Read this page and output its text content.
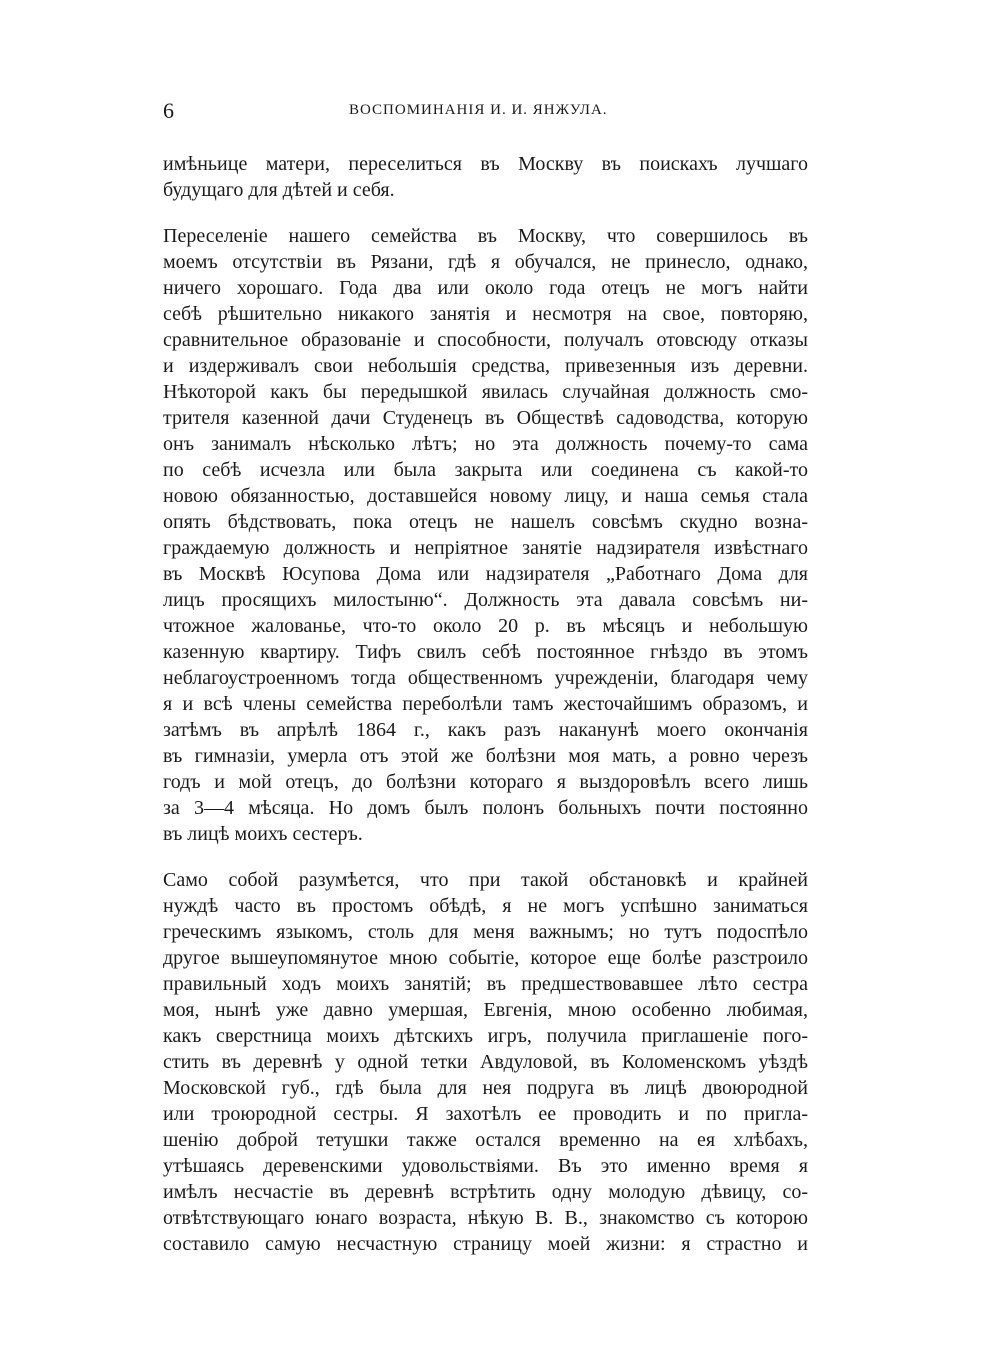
6	ВОСПОМИНАНІЯ И. И. ЯНЖУЛА.
имѣньице матери, переселиться въ Москву въ поискахъ лучшаго
будущаго для дѣтей и себя.
Переселеніе нашего семейства въ Москву, что совершилось въ
моемъ отсутствіи въ Рязани, гдѣ я обучался, не принесло, однако,
ничего хорошаго. Года два или около года отецъ не могъ найти
себѣ рѣшительно никакого занятія и несмотря на свое, повторяю,
сравнительное образованіе и способности, получалъ отовсюду отказы
и издерживалъ свои небольшія средства, привезенныя изъ деревни.
Нѣкоторой какъ бы передышкой явилась случайная должность смо-
трителя казенной дачи Студенецъ въ Обществѣ садоводства, которую
онъ занималъ нѣсколько лѣтъ; но эта должность почему-то сама
по себѣ исчезла или была закрыта или соединена съ какой-то
новою обязанностью, доставшейся новому лицу, и наша семья стала
опять бѣдствовать, пока отецъ не нашелъ совсѣмъ скудно возна-
граждаемую должность и непріятное занятіе надзирателя извѣстнаго
въ Москвѣ Юсупова Дома или надзирателя „Работнаго Дома для
лицъ просящихъ милостыню“. Должность эта давала совсѣмъ ни-
чтожное жалованье, что-то около 20 р. въ мѣсяцъ и небольшую
казенную квартиру. Тифъ свилъ себѣ постоянное гнѣздо въ этомъ
неблагоустроенномъ тогда общественномъ учрежденіи, благодаря чему
я и всѣ члены семейства переболѣли тамъ жесточайшимъ образомъ, и
затѣмъ въ апрѣлѣ 1864 г., какъ разъ наканунѣ моего окончанія
въ гимназіи, умерла отъ этой же болѣзни моя мать, а ровно черезъ
годъ и мой отецъ, до болѣзни котораго я выздоровѣлъ всего лишь
за 3—4 мѣсяца. Но домъ былъ полонъ больныхъ почти постоянно
въ лицѣ моихъ сестеръ.
Само собой разумѣется, что при такой обстановкѣ и крайней
нуждѣ часто въ простомъ обѣдѣ, я не могъ успѣшно заниматься
греческимъ языкомъ, столь для меня важнымъ; но тутъ подоспѣло
другое вышеупомянутое мною событіе, которое еще болѣе разстроило
правильный ходъ моихъ занятій; въ предшествовавшее лѣто сестра
моя, нынѣ уже давно умершая, Евгенія, мною особенно любимая,
какъ сверстница моихъ дѣтскихъ игръ, получила приглашеніе пого-
стить въ деревнѣ у одной тетки Авдуловой, въ Коломенскомъ уѣздѣ
Московской губ., гдѣ была для нея подруга въ лицѣ двоюродной
или троюродной сестры. Я захотѣлъ ее проводить и по пригла-
шенію доброй тетушки также остался временно на ея хлѣбахъ,
утѣшаясь деревенскими удовольствіями. Въ это именно время я
имѣлъ несчастіе въ деревнѣ встрѣтить одну молодую дѣвицу, со-
отвѣтствующаго юнаго возраста, нѣкую В. В., знакомство съ которою
составило самую несчастную страницу моей жизни: я страстно и
